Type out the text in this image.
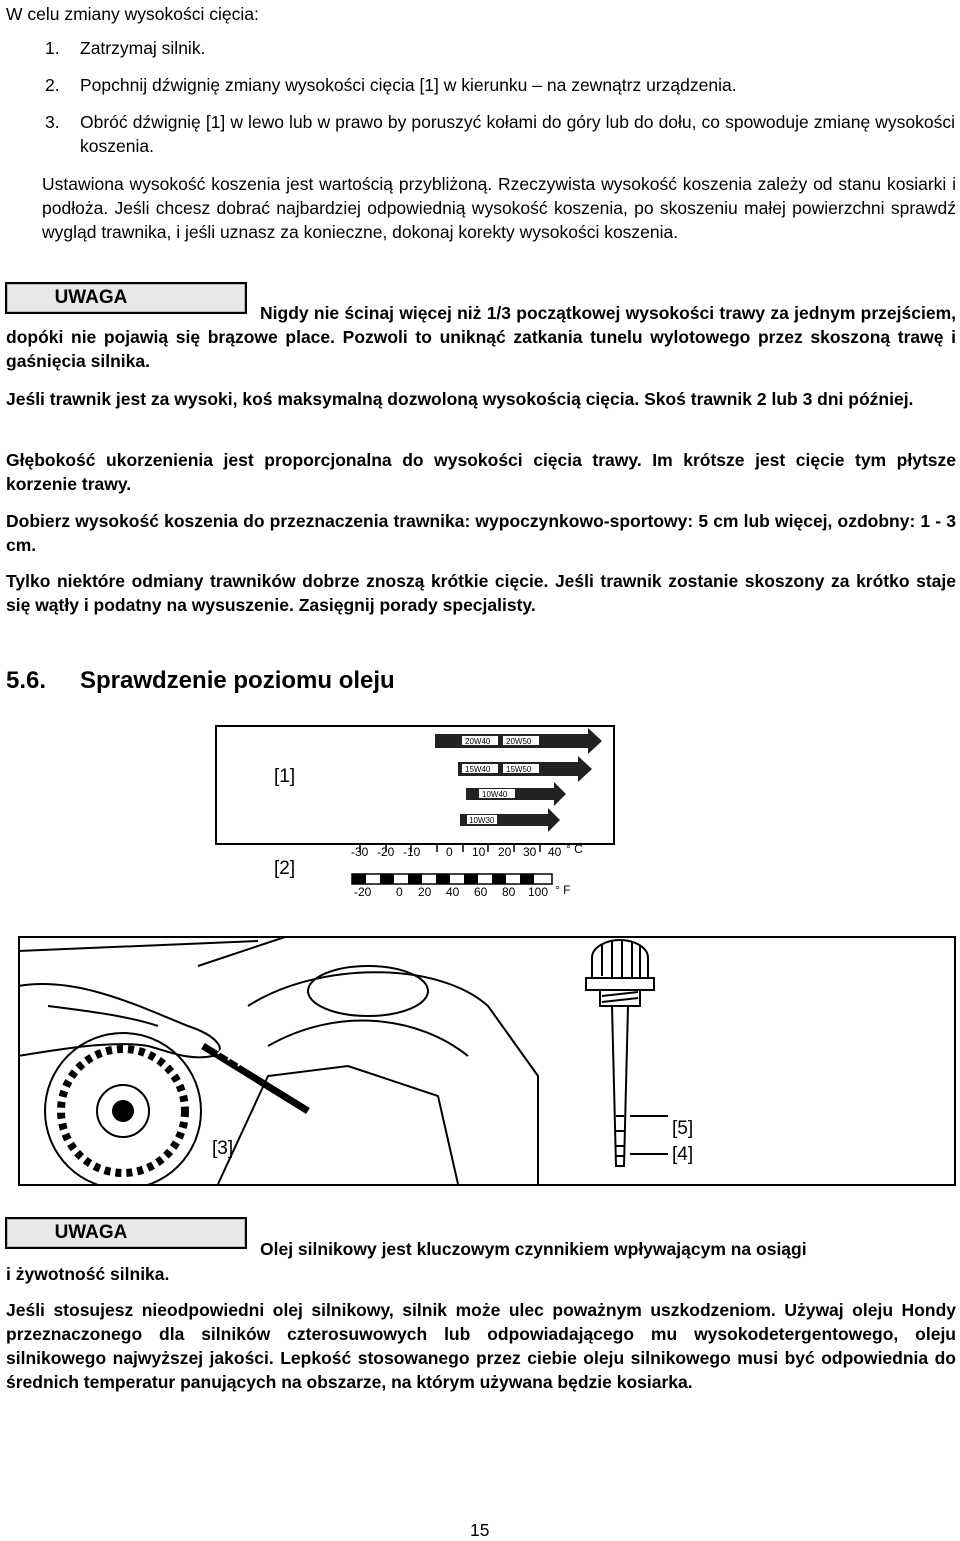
W celu zmiany wysokości cięcia:
1. Zatrzymaj silnik.
2. Popchnij dźwignię zmiany wysokości cięcia [1] w kierunku – na zewnątrz urządzenia.
3. Obróć dźwignię [1] w lewo lub w prawo by poruszyć kołami do góry lub do dołu, co spowoduje zmianę wysokości koszenia.
Ustawiona wysokość koszenia jest wartością przybliżoną. Rzeczywista wysokość koszenia zależy od stanu kosiarki i podłoża. Jeśli chcesz dobrać najbardziej odpowiednią wysokość koszenia, po skoszeniu małej powierzchni sprawdź wygląd trawnika, i jeśli uznasz za konieczne, dokonaj korekty wysokości koszenia.
UWAGA
Nigdy nie ścinaj więcej niż 1/3 początkowej wysokości trawy za jednym przejściem, dopóki nie pojawią się brązowe place. Pozwoli to uniknąć zatkania tunelu wylotowego przez skoszoną trawę i gaśnięcia silnika.
Jeśli trawnik jest za wysoki, koś maksymalną dozwoloną wysokością cięcia. Skoś trawnik 2 lub 3 dni później.
Głębokość ukorzenienia jest proporcjonalna do wysokości cięcia trawy. Im krótsze jest cięcie tym płytsze korzenie trawy.
Dobierz wysokość koszenia do przeznaczenia trawnika: wypoczynkowo-sportowy: 5 cm lub więcej, ozdobny: 1 - 3 cm.
Tylko niektóre odmiany trawników dobrze znoszą krótkie cięcie. Jeśli trawnik zostanie skoszony za krótko staje się wątły i podatny na wysuszenie. Zasięgnij porady specjalisty.
5.6. Sprawdzenie poziomu oleju
20W40 20W50
15W40 15W50
10W40
10W30
[1]
-30 -20 -10 0 10 20 30 40 ° C
[2]
-20 0 20 40 60 80 100 ° F
[3]
[5]
[4]
UWAGA
Olej silnikowy jest kluczowym czynnikiem wpływającym na osiągi
i żywotność silnika.
Jeśli stosujesz nieodpowiedni olej silnikowy, silnik może ulec poważnym uszkodzeniom. Używaj oleju Hondy przeznaczonego dla silników czterosuwowych lub odpowiadającego mu wysokodetergentowego, oleju silnikowego najwyższej jakości. Lepkość stosowanego przez ciebie oleju silnikowego musi być odpowiednia do średnich temperatur panujących na obszarze, na którym używana będzie kosiarka.
15
